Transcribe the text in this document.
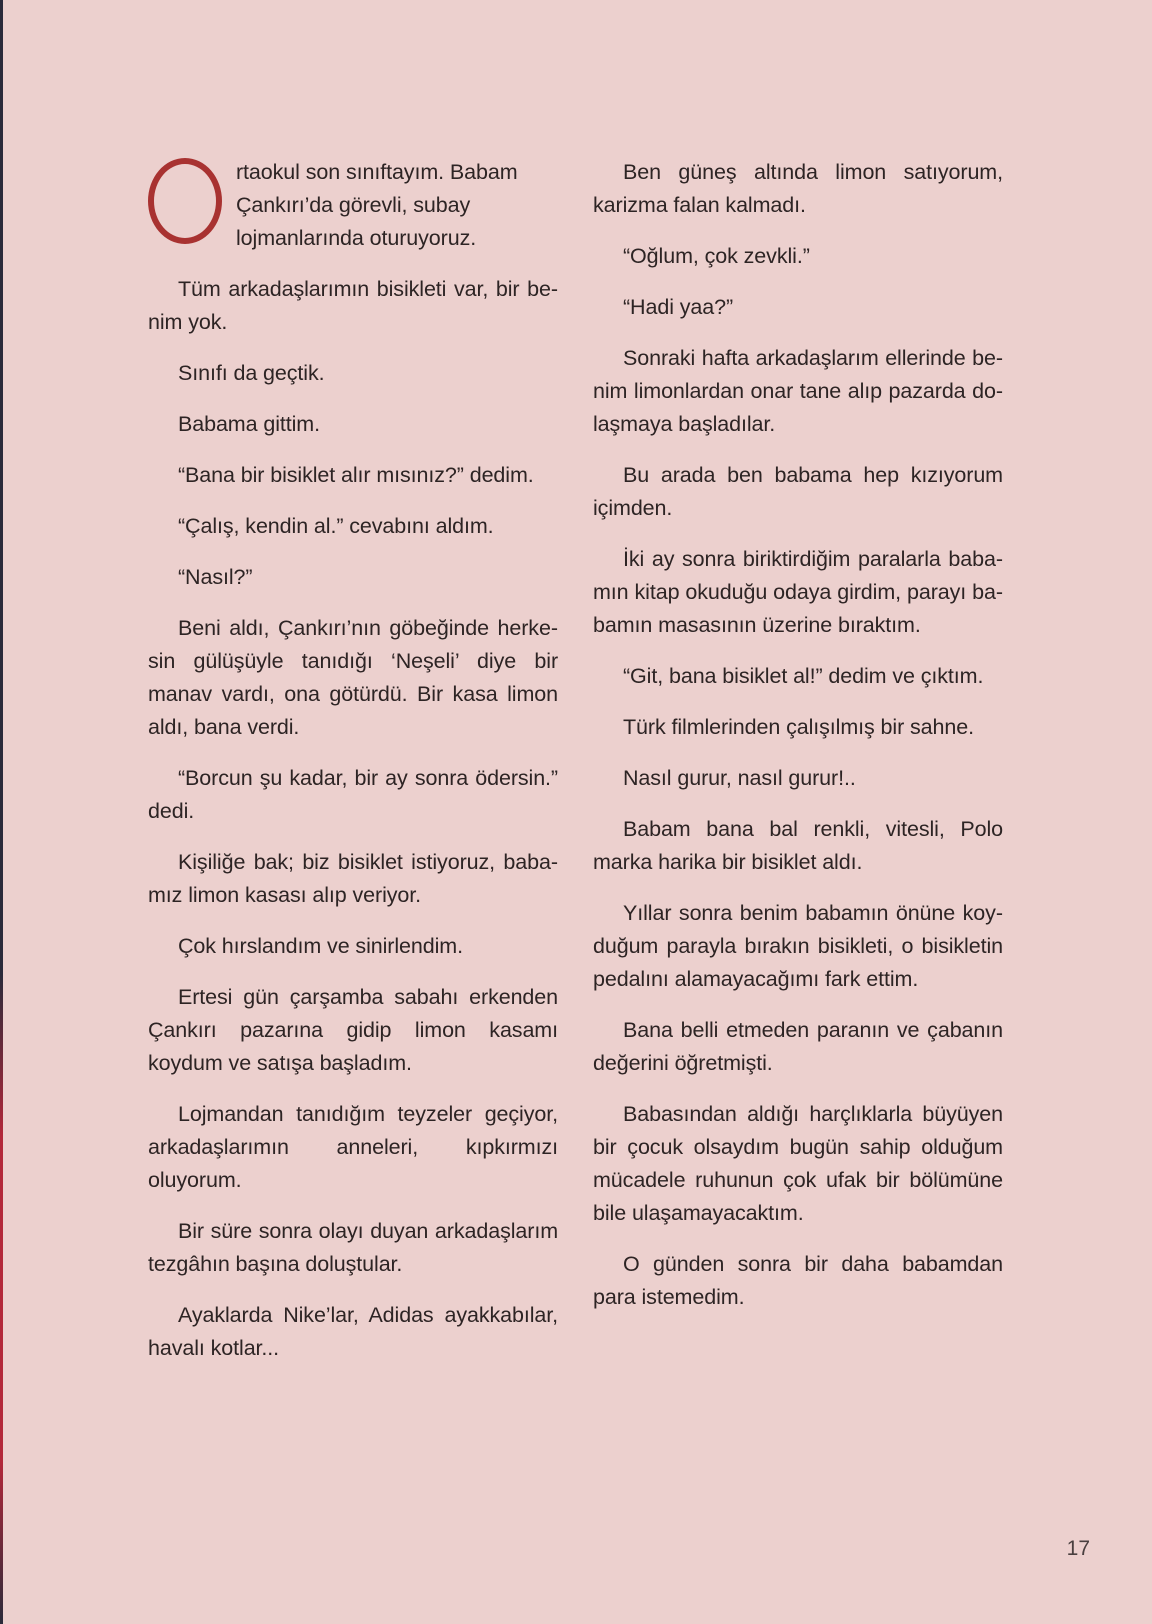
rtaokul son sınıftayım. Babam Çankırı’da görevli, subay lojmanlarında oturuyoruz.

Tüm arkadaşlarımın bisikleti var, bir benim yok.

Sınıfı da geçtik.

Babama gittim.

“Bana bir bisiklet alır mısınız?” dedim.

“Çalış, kendin al.” cevabını aldım.

“Nasıl?”

Beni aldı, Çankırı’nın göbeğinde herkesin gülüşüyle tanıdığı ‘Neşeli’ diye bir manav vardı, ona götürdü. Bir kasa limon aldı, bana verdi.

“Borcun şu kadar, bir ay sonra ödersin.” dedi.

Kişiliğe bak; biz bisiklet istiyoruz, babamız limon kasası alıp veriyor.

Çok hırslandım ve sinirlendim.

Ertesi gün çarşamba sabahı erkenden Çankırı pazarına gidip limon kasamı koydum ve satışa başladım.

Lojmandan tanıdığım teyzeler geçiyor, arkadaşlarımın anneleri, kıpkırmızı oluyorum.

Bir süre sonra olayı duyan arkadaşlarım tezgâhın başına doluştular.

Ayaklarda Nike’lar, Adidas ayakkabılar, havalı kotlar...

Ben güneş altında limon satıyorum, karizma falan kalmadı.

“Oğlum, çok zevkli.”

“Hadi yaa?”

Sonraki hafta arkadaşlarım ellerinde benim limonlardan onar tane alıp pazarda dolaşmaya başladılar.

Bu arada ben babama hep kızıyorum içimden.

İki ay sonra biriktirdiğim paralarla babamın kitap okuduğu odaya girdim, parayı babamın masasının üzerine bıraktım.

“Git, bana bisiklet al!” dedim ve çıktım.

Türk filmlerinden çalışılmış bir sahne.

Nasıl gurur, nasıl gurur!..

Babam bana bal renkli, vitesli, Polo marka harika bir bisiklet aldı.

Yıllar sonra benim babamın önüne koyduğum parayla bırakın bisikleti, o bisikletin pedalını alamayacağımı fark ettim.

Bana belli etmeden paranın ve çabanın değerini öğretmişti.

Babasından aldığı harçlıklarla büyüyen bir çocuk olsaydım bugün sahip olduğum mücadele ruhunun çok ufak bir bölümüne bile ulaşamayacaktım.

O günden sonra bir daha babamdan para istemedim.

17
